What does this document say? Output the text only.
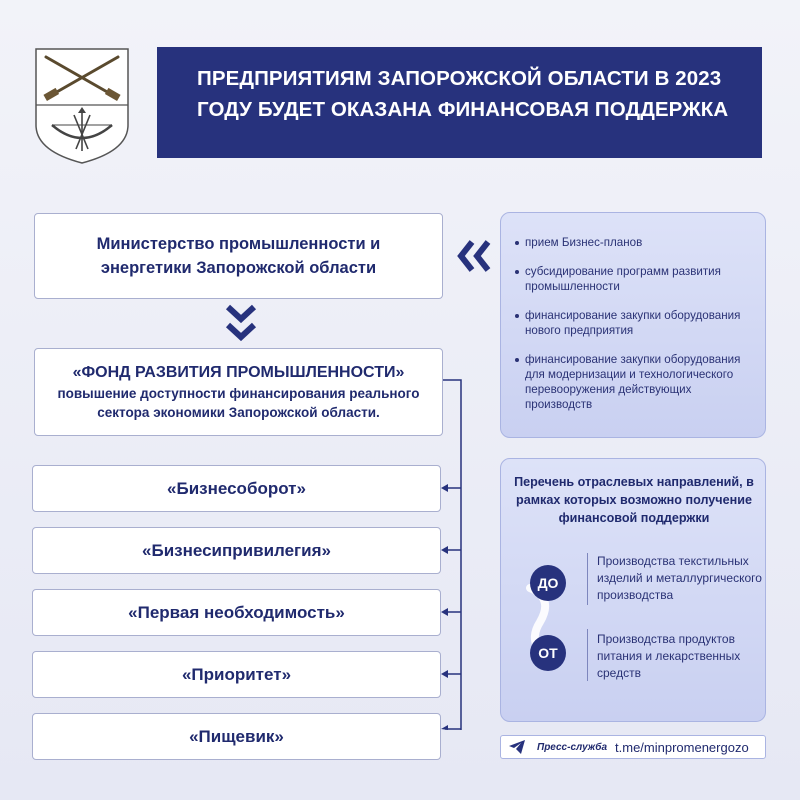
ПРЕДПРИЯТИЯМ ЗАПОРОЖСКОЙ ОБЛАСТИ В 2023 ГОДУ БУДЕТ ОКАЗАНА ФИНАНСОВАЯ ПОДДЕРЖКА
Министерство промышленности и энергетики Запорожской области
«ФОНД РАЗВИТИЯ ПРОМЫШЛЕННОСТИ»
повышение доступности финансирования реального сектора экономики Запорожской области.
«Бизнесоборот»
«Бизнесипривилегия»
«Первая необходимость»
«Приоритет»
«Пищевик»
прием Бизнес-планов
субсидирование программ развития промышленности
финансирование закупки оборудования нового предприятия
финансирование закупки оборудования для модернизации и технологического перевооружения действующих производств
Перечень отраслевых направлений, в рамках которых возможно получение финансовой поддержки
ДО
Производства текстильных изделий и металлургического производства
ОТ
Производства продуктов питания и лекарственных средств
Пресс-служба t.me/minpromenergozo
